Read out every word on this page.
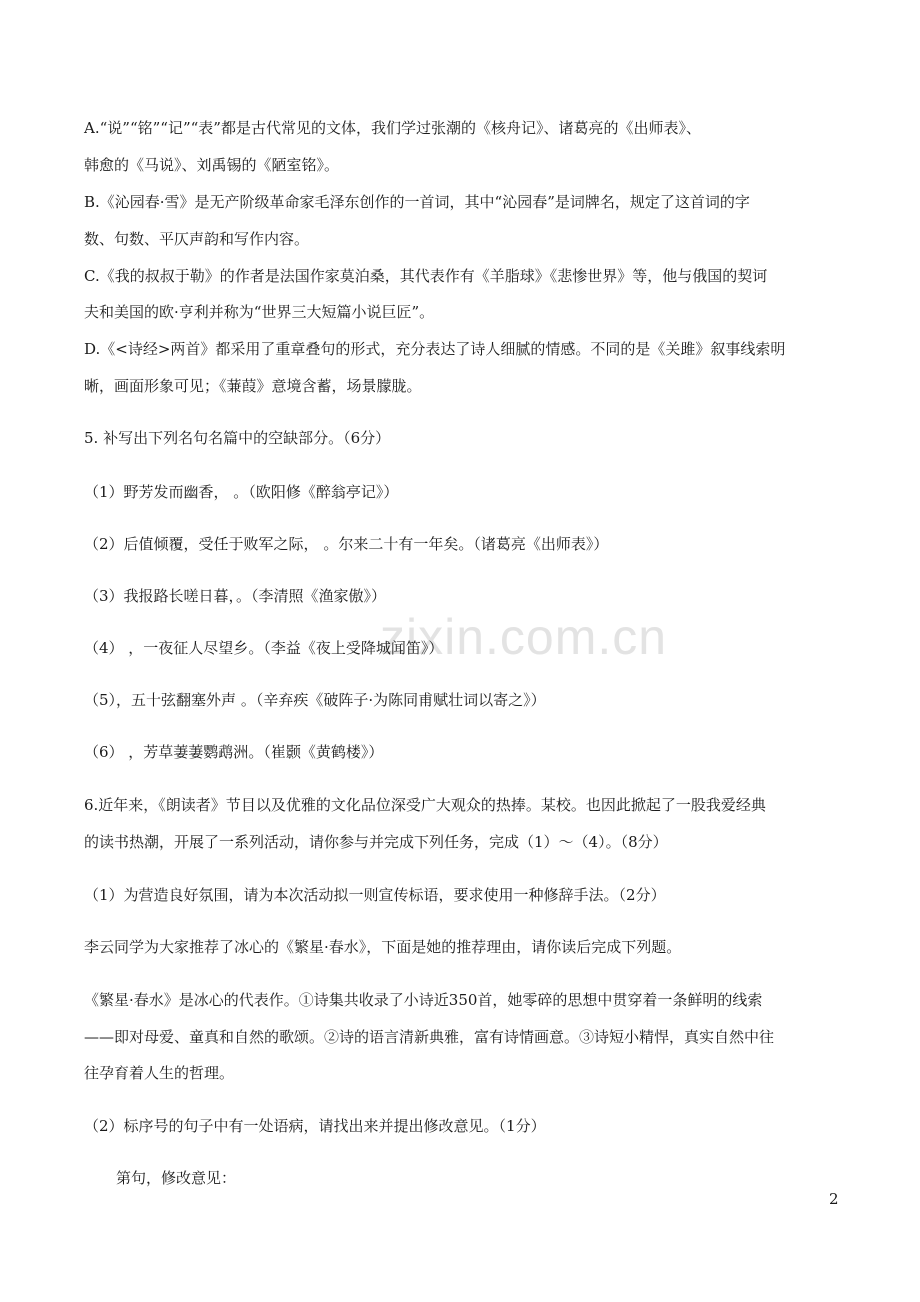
zixin.com.cn
A.“说”“铭”“记”“表”都是古代常见的文体，我们学过张潮的《核舟记》、诸葛亮的《出师表》、
韩愈的《马说》、刘禹锡的《陋室铭》。
B.《沁园春·雪》是无产阶级革命家毛泽东创作的一首词，其中“沁园春”是词牌名，规定了这首词的字
数、句数、平仄声韵和写作内容。
C.《我的叔叔于勒》的作者是法国作家莫泊桑，其代表作有《羊脂球》《悲惨世界》等，他与俄国的契诃
夫和美国的欧·亨利并称为“世界三大短篇小说巨匠”。
D.《<诗经>两首》都采用了重章叠句的形式，充分表达了诗人细腻的情感。不同的是《关雎》叙事线索明
晰，画面形象可见；《蒹葭》意境含蓄，场景朦胧。
5. 补写出下列名句名篇中的空缺部分。（6分）
（1）野芳发而幽香， 。（欧阳修《醉翁亭记》）
（2）后值倾覆，受任于败军之际， 。尔来二十有一年矣。（诸葛亮《出师表》）
（3）我报路长嗟日暮，。（李清照《渔家傲》）
（4） ，一夜征人尽望乡。（李益《夜上受降城闻笛》）
（5），五十弦翻塞外声 。（辛弃疾《破阵子·为陈同甫赋壮词以寄之》）
（6） ，芳草萋萋鹦鹉洲。（崔颢《黄鹤楼》）
6.近年来，《朗读者》节目以及优雅的文化品位深受广大观众的热捧。某校。也因此掀起了一股我爱经典
的读书热潮，开展了一系列活动，请你参与并完成下列任务，完成（1）～（4）。（8分）
（1）为营造良好氛围，请为本次活动拟一则宣传标语，要求使用一种修辞手法。（2分）
李云同学为大家推荐了冰心的《繁星·春水》，下面是她的推荐理由，请你读后完成下列题。
《繁星·春水》是冰心的代表作。①诗集共收录了小诗近350首，她零碎的思想中贯穿着一条鲜明的线索
——即对母爱、童真和自然的歌颂。②诗的语言清新典雅，富有诗情画意。③诗短小精悍，真实自然中往
往孕育着人生的哲理。
（2）标序号的句子中有一处语病，请找出来并提出修改意见。（1分）
第句，修改意见：
2
